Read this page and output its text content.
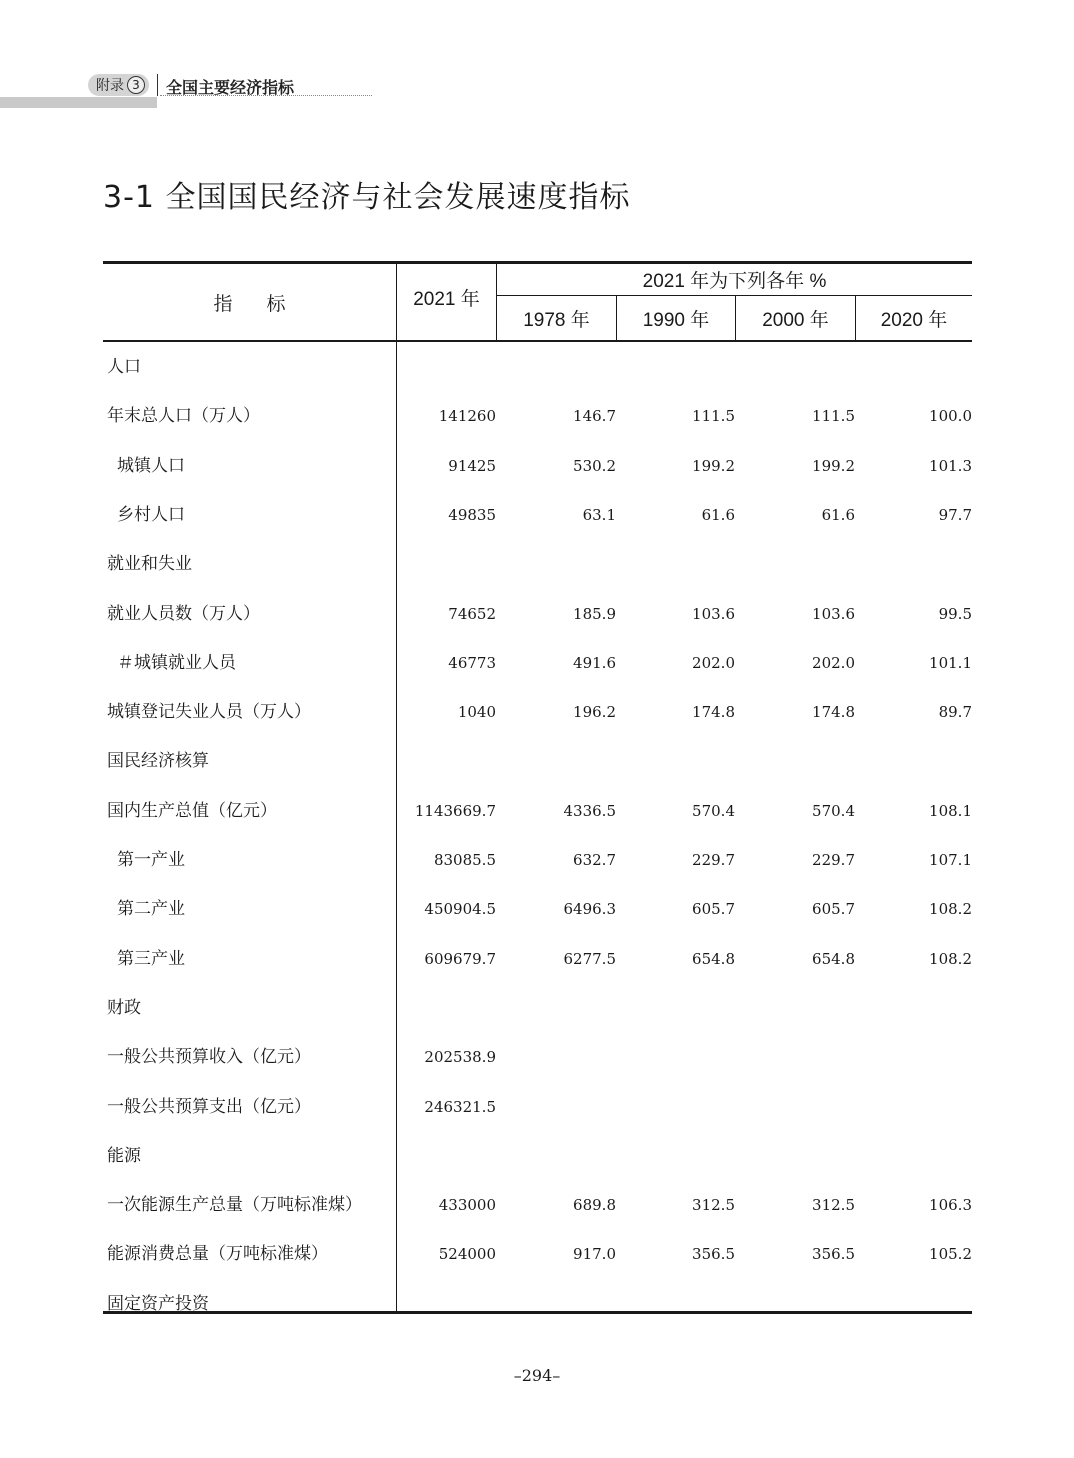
附录 3	全国主要经济指标
3-1 全国国民经济与社会发展速度指标
指标	2021 年
2021 年为下列各年 %
1978 年	1990 年	2000 年	2020 年
人口
年末总人口（万人）	141260	146.7	111.5	111.5	100.0
城镇人口	91425	530.2	199.2	199.2	101.3
乡村人口	49835	63.1	61.6	61.6	97.7
就业和失业
就业人员数（万人）	74652	185.9	103.6	103.6	99.5
＃城镇就业人员	46773	491.6	202.0	202.0	101.1
城镇登记失业人员（万人）	1040	196.2	174.8	174.8	89.7
国民经济核算
国内生产总值（亿元）	1143669.7	4336.5	570.4	570.4	108.1
第一产业	83085.5	632.7	229.7	229.7	107.1
第二产业	450904.5	6496.3	605.7	605.7	108.2
第三产业	609679.7	6277.5	654.8	654.8	108.2
财政
一般公共预算收入（亿元）	202538.9
一般公共预算支出（亿元）	246321.5
能源
一次能源生产总量（万吨标准煤）	433000	689.8	312.5	312.5	106.3
能源消费总量（万吨标准煤）	524000	917.0	356.5	356.5	105.2
固定资产投资
–294–
